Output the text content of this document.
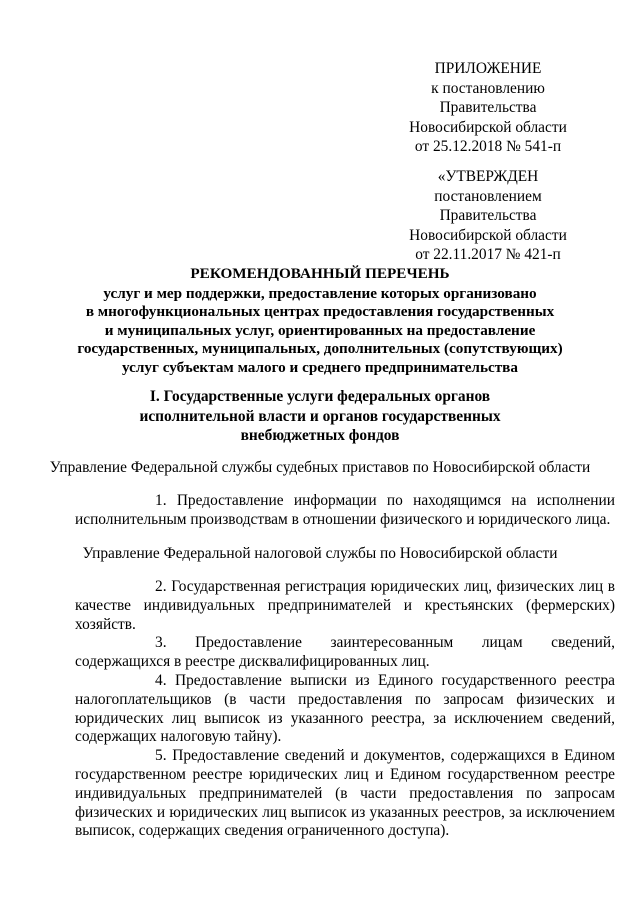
ПРИЛОЖЕНИЕ
к постановлению Правительства
Новосибирской области
от 25.12.2018 № 541-п
«УТВЕРЖДЕН
постановлением Правительства
Новосибирской области
от 22.11.2017 № 421-п
РЕКОМЕНДОВАННЫЙ ПЕРЕЧЕНЬ
услуг и мер поддержки, предоставление которых организовано
в многофункциональных центрах предоставления государственных
и муниципальных услуг, ориентированных на предоставление
государственных, муниципальных, дополнительных (сопутствующих)
услуг субъектам малого и среднего предпринимательства
I. Государственные услуги федеральных органов
исполнительной власти и органов государственных
внебюджетных фондов
Управление Федеральной службы судебных приставов по Новосибирской области
1. Предоставление информации по находящимся на исполнении исполнительным производствам в отношении физического и юридического лица.
Управление Федеральной налоговой службы по Новосибирской области
2. Государственная регистрация юридических лиц, физических лиц в качестве индивидуальных предпринимателей и крестьянских (фермерских) хозяйств.
3. Предоставление заинтересованным лицам сведений, содержащихся в реестре дисквалифицированных лиц.
4. Предоставление выписки из Единого государственного реестра налогоплательщиков (в части предоставления по запросам физических и юридических лиц выписок из указанного реестра, за исключением сведений, содержащих налоговую тайну).
5. Предоставление сведений и документов, содержащихся в Едином государственном реестре юридических лиц и Едином государственном реестре индивидуальных предпринимателей (в части предоставления по запросам физических и юридических лиц выписок из указанных реестров, за исключением выписок, содержащих сведения ограниченного доступа).
